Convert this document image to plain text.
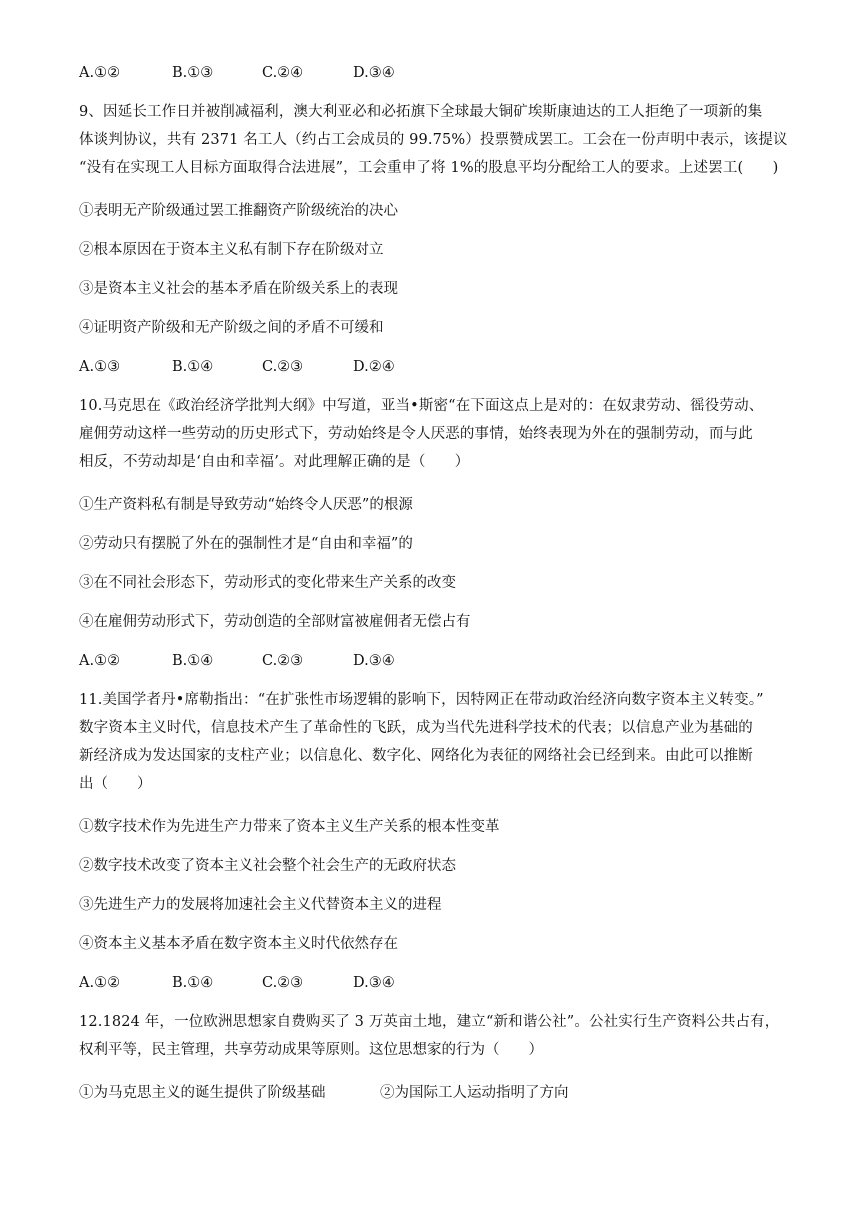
A.①②	B.①③	C.②④	D.③④
9、因延长工作日并被削减福利，澳大利亚必和必拓旗下全球最大铜矿埃斯康迪达的工人拒绝了一项新的集
体谈判协议，共有 2371 名工人（约占工会成员的 99.75%）投票赞成罢工。工会在一份声明中表示，该提议
“没有在实现工人目标方面取得合法进展”，工会重申了将 1%的股息平均分配给工人的要求。上述罢工(　　)
①表明无产阶级通过罢工推翻资产阶级统治的决心
②根本原因在于资本主义私有制下存在阶级对立
③是资本主义社会的基本矛盾在阶级关系上的表现
④证明资产阶级和无产阶级之间的矛盾不可缓和
A.①③	B.①④	C.②③	D.②④
10.马克思在《政治经济学批判大纲》中写道，亚当•斯密“在下面这点上是对的：在奴隶劳动、徭役劳动、
雇佣劳动这样一些劳动的历史形式下，劳动始终是令人厌恶的事情，始终表现为外在的强制劳动，而与此
相反，不劳动却是‘自由和幸福’。对此理解正确的是（　　）
①生产资料私有制是导致劳动“始终令人厌恶”的根源
②劳动只有摆脱了外在的强制性才是“自由和幸福”的
③在不同社会形态下，劳动形式的变化带来生产关系的改变
④在雇佣劳动形式下，劳动创造的全部财富被雇佣者无偿占有
A.①②	B.①④	C.②③	D.③④
11.美国学者丹•席勒指出：“在扩张性市场逻辑的影响下，因特网正在带动政治经济向数字资本主义转变。”
数字资本主义时代，信息技术产生了革命性的飞跃，成为当代先进科学技术的代表；以信息产业为基础的
新经济成为发达国家的支柱产业；以信息化、数字化、网络化为表征的网络社会已经到来。由此可以推断
出（　　）
①数字技术作为先进生产力带来了资本主义生产关系的根本性变革
②数字技术改变了资本主义社会整个社会生产的无政府状态
③先进生产力的发展将加速社会主义代替资本主义的进程
④资本主义基本矛盾在数字资本主义时代依然存在
A.①②	B.①④	C.②③	D.③④
12.1824 年，一位欧洲思想家自费购买了 3 万英亩土地，建立“新和谐公社”。公社实行生产资料公共占有，
权利平等，民主管理，共享劳动成果等原则。这位思想家的行为（　　）
①为马克思主义的诞生提供了阶级基础	②为国际工人运动指明了方向
